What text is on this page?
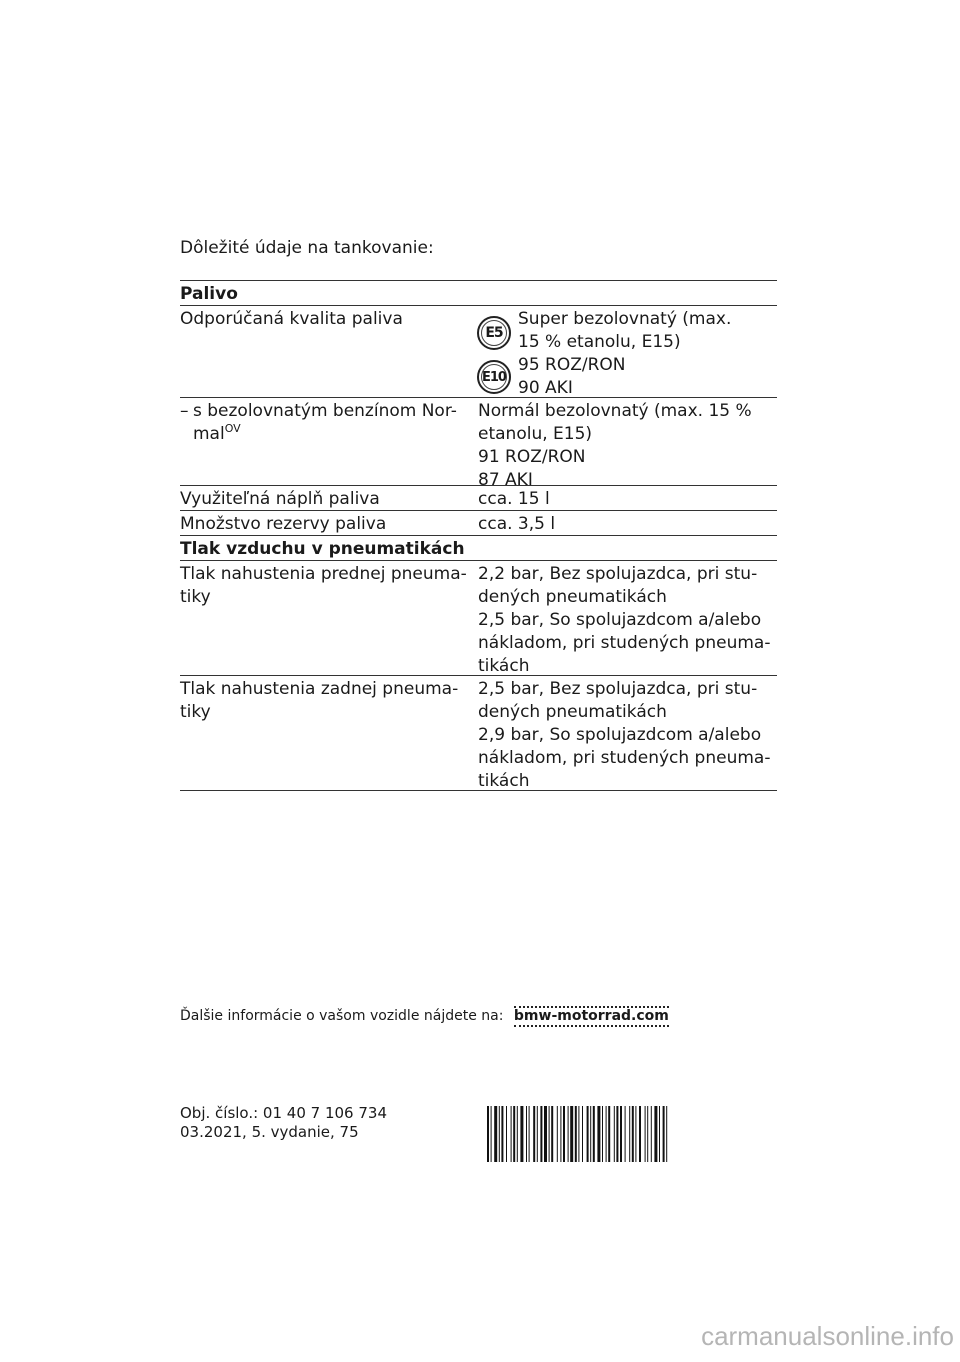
Dôležité údaje na tankovanie:
Palivo
Odporúčaná kvalita paliva
E5
E10
Super bezolovnatý (max.
15 % etanolu, E15)
95 ROZ/RON
90 AKI
– s bezolovnatým benzínom Nor-
mal$^{OV}$
Normál bezolovnatý (max. 15 %
etanolu, E15)
91 ROZ/RON
87 AKI
Využiteľná náplň paliva	cca. 15 l
Množstvo rezervy paliva	cca. 3,5 l
Tlak vzduchu v pneumatikách
Tlak nahustenia prednej pneuma-
tiky
2,2 bar, Bez spolujazdca, pri stu-
dených pneumatikách
2,5 bar, So spolujazdcom a/alebo
nákladom, pri studených pneuma-
tikách
Tlak nahustenia zadnej pneuma-
tiky
2,5 bar, Bez spolujazdca, pri stu-
dených pneumatikách
2,9 bar, So spolujazdcom a/alebo
nákladom, pri studených pneuma-
tikách
Ďalšie informácie o vašom vozidle nájdete na: bmw-motorrad.com
Obj. číslo.: 01 40 7 106 734
03.2021, 5. vydanie, 75
carmanualsonline.info
